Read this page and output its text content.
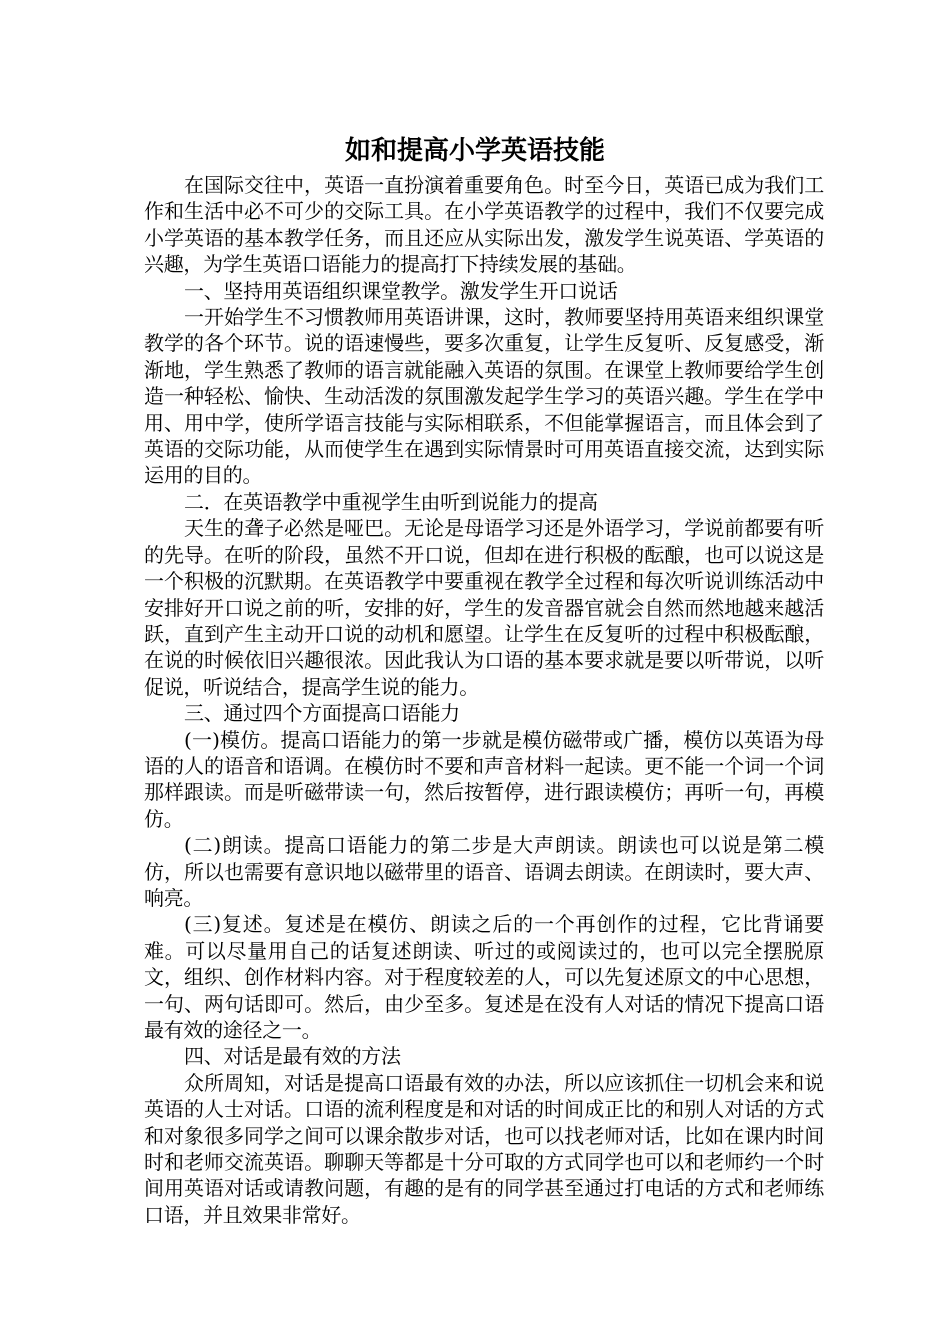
如和提高小学英语技能

在国际交往中，英语一直扮演着重要角色。时至今日，英语已成为我们工作和生活中必不可少的交际工具。在小学英语教学的过程中，我们不仅要完成小学英语的基本教学任务，而且还应从实际出发，激发学生说英语、学英语的兴趣，为学生英语口语能力的提高打下持续发展的基础。

一、坚持用英语组织课堂教学。激发学生开口说话

一开始学生不习惯教师用英语讲课，这时，教师要坚持用英语来组织课堂教学的各个环节。说的语速慢些，要多次重复，让学生反复听、反复感受，渐渐地，学生熟悉了教师的语言就能融入英语的氛围。在课堂上教师要给学生创造一种轻松、愉快、生动活泼的氛围激发起学生学习的英语兴趣。学生在学中用、用中学，使所学语言技能与实际相联系，不但能掌握语言，而且体会到了英语的交际功能，从而使学生在遇到实际情景时可用英语直接交流，达到实际运用的目的。

二．在英语教学中重视学生由听到说能力的提高

天生的聋子必然是哑巴。无论是母语学习还是外语学习，学说前都要有听的先导。在听的阶段，虽然不开口说，但却在进行积极的酝酿，也可以说这是一个积极的沉默期。在英语教学中要重视在教学全过程和每次听说训练活动中安排好开口说之前的听，安排的好，学生的发音器官就会自然而然地越来越活跃，直到产生主动开口说的动机和愿望。让学生在反复听的过程中积极酝酿，在说的时候依旧兴趣很浓。因此我认为口语的基本要求就是要以听带说，以听促说，听说结合，提高学生说的能力。

三、通过四个方面提高口语能力

(一)模仿。提高口语能力的第一步就是模仿磁带或广播，模仿以英语为母语的人的语音和语调。在模仿时不要和声音材料一起读。更不能一个词一个词那样跟读。而是听磁带读一句，然后按暂停，进行跟读模仿；再听一句，再模仿。

(二)朗读。提高口语能力的第二步是大声朗读。朗读也可以说是第二模仿，所以也需要有意识地以磁带里的语音、语调去朗读。在朗读时，要大声、响亮。

(三)复述。复述是在模仿、朗读之后的一个再创作的过程，它比背诵要难。可以尽量用自己的话复述朗读、听过的或阅读过的，也可以完全摆脱原文，组织、创作材料内容。对于程度较差的人，可以先复述原文的中心思想，一句、两句话即可。然后，由少至多。复述是在没有人对话的情况下提高口语最有效的途径之一。

四、对话是最有效的方法

众所周知，对话是提高口语最有效的办法，所以应该抓住一切机会来和说英语的人士对话。口语的流利程度是和对话的时间成正比的和别人对话的方式和对象很多同学之间可以课余散步对话，也可以找老师对话，比如在课内时间时和老师交流英语。聊聊天等都是十分可取的方式同学也可以和老师约一个时间用英语对话或请教问题，有趣的是有的同学甚至通过打电话的方式和老师练口语，并且效果非常好。
